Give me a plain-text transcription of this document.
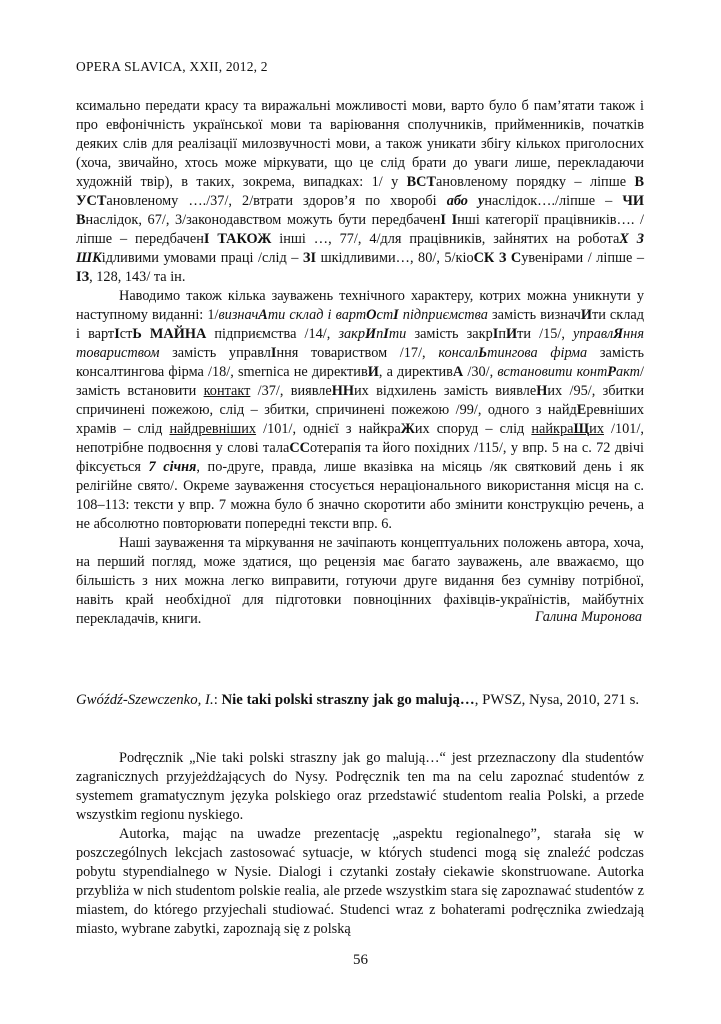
OPERA SLAVICA, XXII, 2012, 2

ксимально передати красу та виражальні можливості мови, варто було б пам’ятати також і про евфонічність української мови та варіювання сполучників, прийменників, початків деяких слів для реалізації милозвучності мови, а також уникати збігу кількох приголосних (хоча, звичайно, хтось може міркувати, що це слід брати до уваги лише, перекладаючи художній твір), в таких, зокрема, випадках: 1/ у ВСТановленому порядку – ліпше В УСТановленому …./37/, 2/втрати здоров’я по хворобі або унаслідок…./ліпше – ЧИ Внаслідок, 67/, 3/законодавством можуть бути передбаченІ Інші категорії працівників…. / ліпше – передбаченІ ТАКОЖ інші …, 77/, 4/для працівників, зайнятих на роботаХ З ШКідливими умовами праці /слід – ЗІ шкідливими…, 80/, 5/кіоСК З Сувенірами / ліпше – ІЗ, 128, 143/ та ін.

Наводимо також кілька зауважень технічного характеру, котрих можна уникнути у наступному виданні: 1/визначАти склад і вартОстІ підприємства замість визначИти склад і вартІстЬ МАЙНА підприємства /14/, закрИпІти замість закрІпИти /15/, управлЯння товариством замість управлІння товариством /17/, консалЬтингова фірма замість консалтингова фірма /18/, smernica не директивИ, а директивА /30/, встановити контРакт/ замість встановити контакт /37/, виявлеННих відхилень замість виявлеНих /95/, збитки спричинені пожежою, слід – збитки, спричинені пожежою /99/, одного з найдЕревніших храмів – слід найдревніших /101/, однієї з найкраЖих споруд – слід найкраЩих /101/, непотрібне подвоєння у слові талаССотерапія та його похідних /115/, у впр. 5 на с. 72 двічі фіксується 7 січня, по-друге, правда, лише вказівка на місяць /як святковий день і як релігійне свято/. Окреме зауваження стосується нераціонального використання місця на с. 108–113: тексти у впр. 7 можна було б значно скоротити або змінити конструкцію речень, а не абсолютно повторювати попередні тексти впр. 6.

Наші зауваження та міркування не зачіпають концептуальних положень автора, хоча, на перший погляд, може здатися, що рецензія має багато зауважень, але вважаємо, що більшість з них можна легко виправити, готуючи друге видання без сумніву потрібної, навіть край необхідної для підготовки повноцінних фахівців-україністів, майбутніх перекладачів, книги.	Галина Миронова
Gwóźdź-Szewczenko, I.: Nie taki polski straszny jak go malują…, PWSZ, Nysa, 2010, 271 s.

Podręcznik „Nie taki polski straszny jak go malują…“ jest przeznaczony dla studentów zagranicznych przyjeżdżających do Nysy. Podręcznik ten ma na celu zapoznać studentów z systemem gramatycznym języka polskiego oraz przedstawić studentom realia Polski, a przede wszystkim regionu nyskiego.

Autorka, mając na uwadze prezentację „aspektu regionalnego”, starała się w poszczególnych lekcjach zastosować sytuacje, w których studenci mogą się znaleźć podczas pobytu stypendialnego w Nysie. Dialogi i czytanki zostały ciekawie skonstruowane. Autorka przybliża w nich studentom polskie realia, ale przede wszystkim stara się zapoznawać studentów z miastem, do którego przyjechali studiować. Studenci wraz z bohaterami podręcznika zwiedzają miasto, wybrane zabytki, zapoznają się z polską

56
